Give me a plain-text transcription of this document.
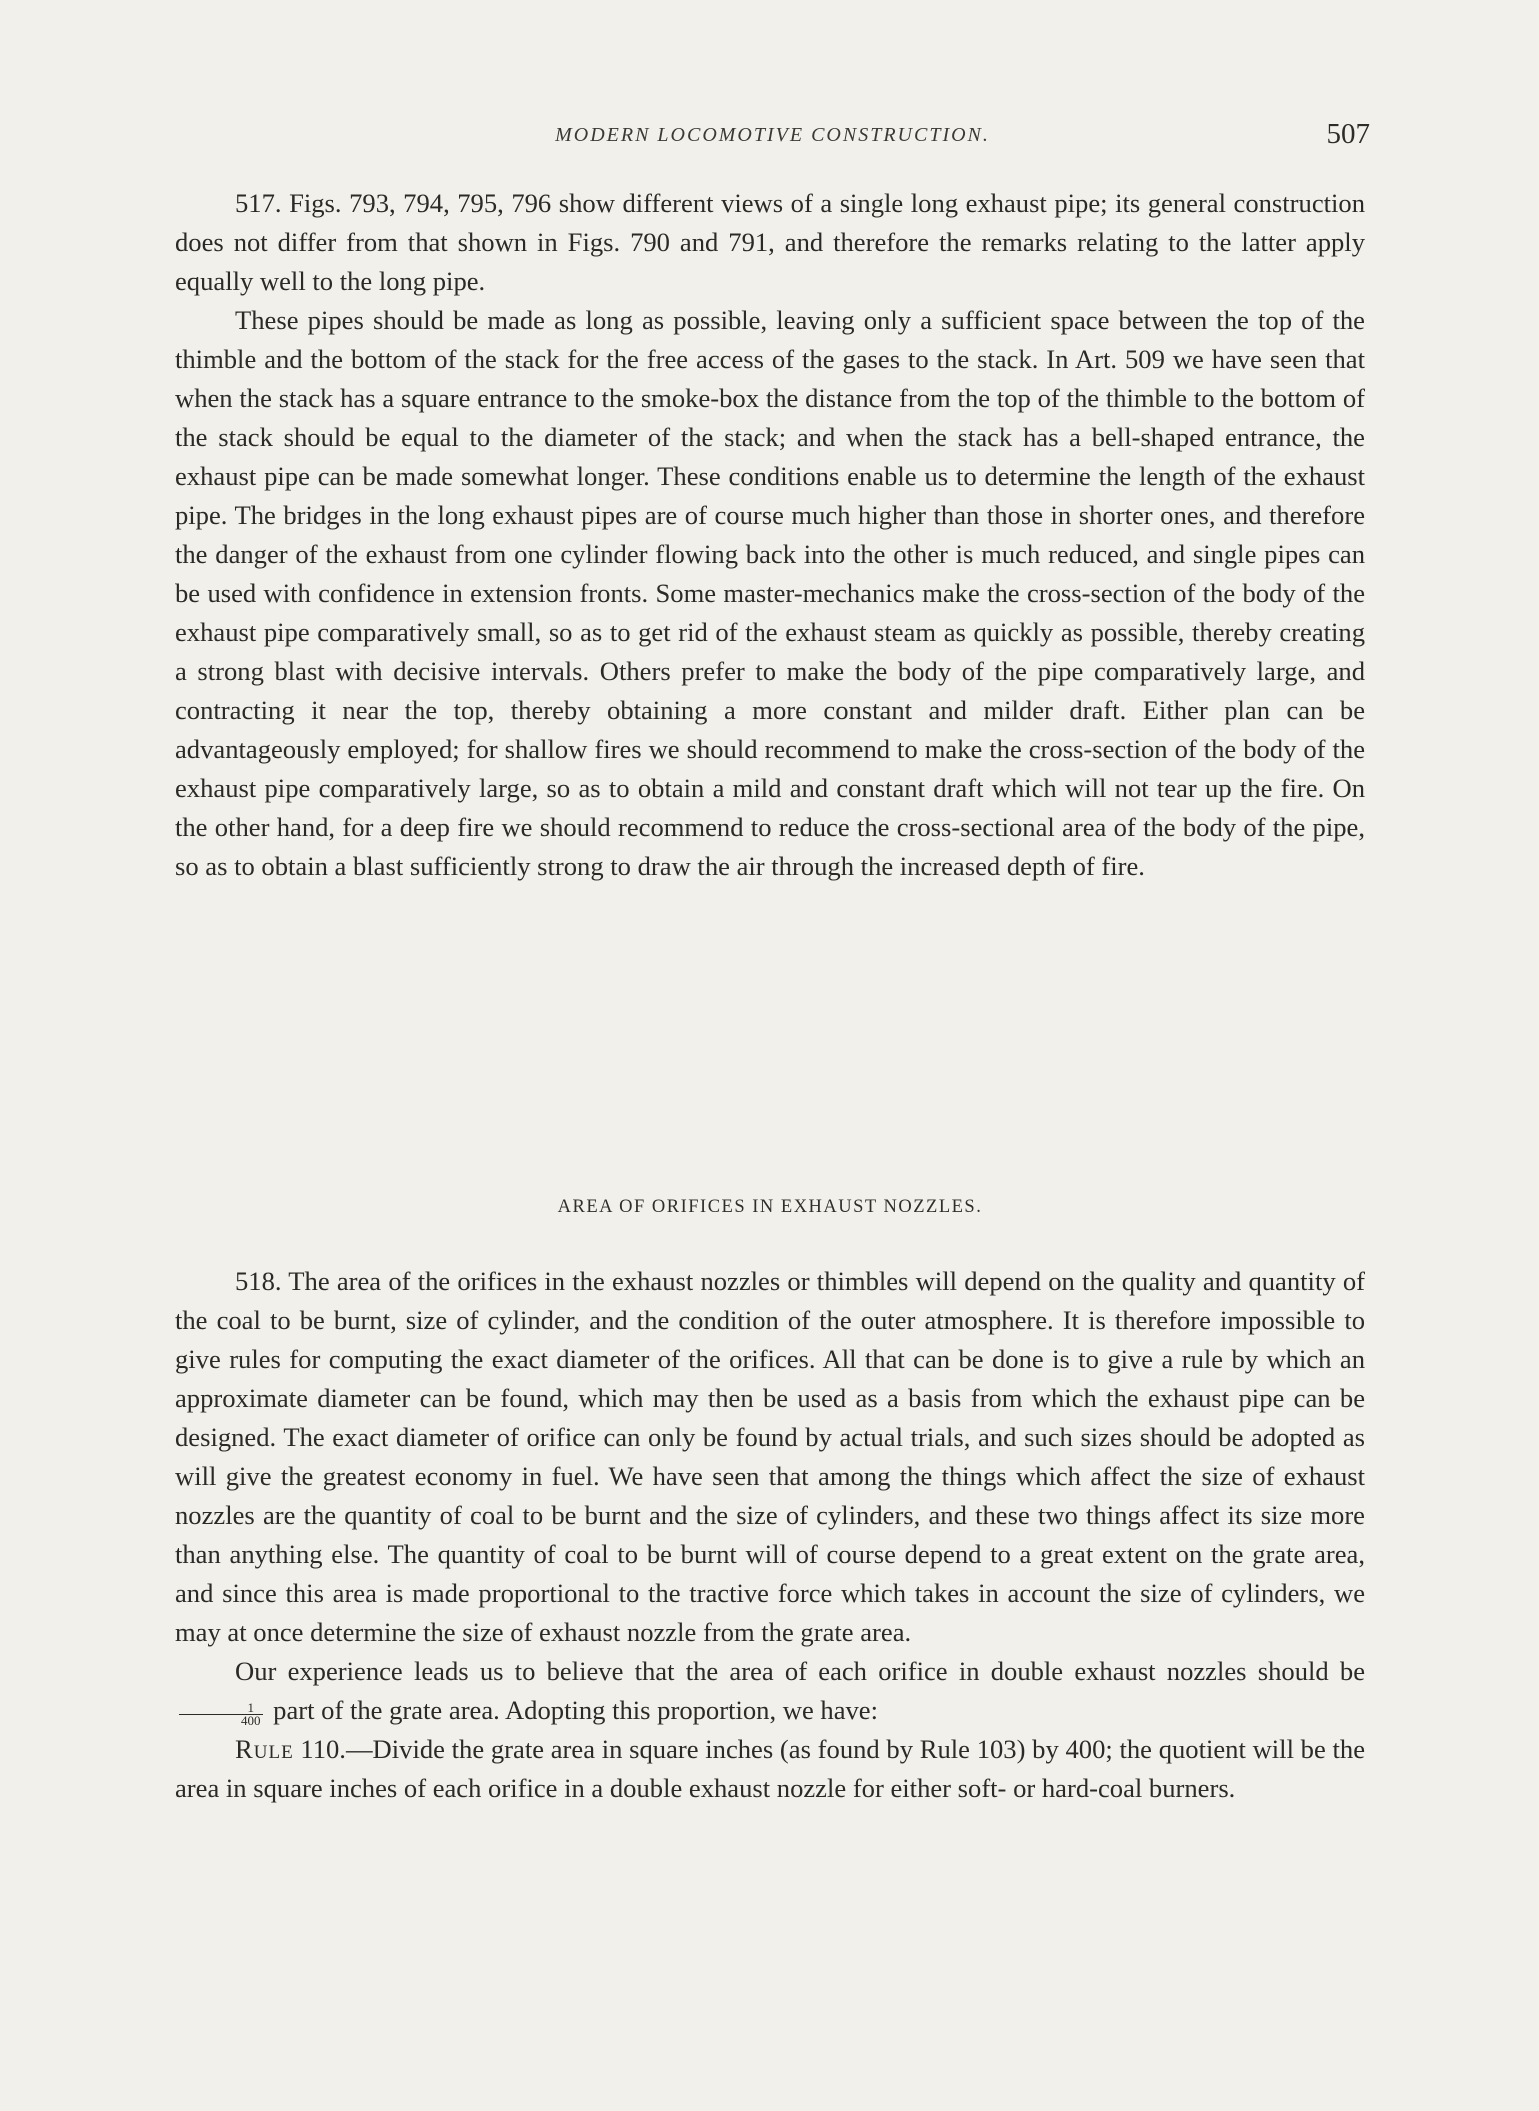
MODERN LOCOMOTIVE CONSTRUCTION.	507

517. Figs. 793, 794, 795, 796 show different views of a single long exhaust pipe; its general construction does not differ from that shown in Figs. 790 and 791, and therefore the remarks relating to the latter apply equally well to the long pipe.

These pipes should be made as long as possible, leaving only a sufficient space between the top of the thimble and the bottom of the stack for the free access of the gases to the stack. In Art. 509 we have seen that when the stack has a square entrance to the smoke-box the distance from the top of the thimble to the bottom of the stack should be equal to the diameter of the stack; and when the stack has a bell-shaped entrance, the exhaust pipe can be made somewhat longer. These conditions enable us to determine the length of the exhaust pipe. The bridges in the long exhaust pipes are of course much higher than those in shorter ones, and therefore the danger of the exhaust from one cylinder flowing back into the other is much reduced, and single pipes can be used with confidence in extension fronts. Some master-mechanics make the cross-section of the body of the exhaust pipe comparatively small, so as to get rid of the exhaust steam as quickly as possible, thereby creating a strong blast with decisive intervals. Others prefer to make the body of the pipe comparatively large, and contracting it near the top, thereby obtaining a more constant and milder draft. Either plan can be advantageously employed; for shallow fires we should recommend to make the cross-section of the body of the exhaust pipe comparatively large, so as to obtain a mild and constant draft which will not tear up the fire. On the other hand, for a deep fire we should recommend to reduce the cross-sectional area of the body of the pipe, so as to obtain a blast sufficiently strong to draw the air through the increased depth of fire.

AREA OF ORIFICES IN EXHAUST NOZZLES.

518. The area of the orifices in the exhaust nozzles or thimbles will depend on the quality and quantity of the coal to be burnt, size of cylinder, and the condition of the outer atmosphere. It is therefore impossible to give rules for computing the exact diameter of the orifices. All that can be done is to give a rule by which an approximate diameter can be found, which may then be used as a basis from which the exhaust pipe can be designed. The exact diameter of orifice can only be found by actual trials, and such sizes should be adopted as will give the greatest economy in fuel. We have seen that among the things which affect the size of exhaust nozzles are the quantity of coal to be burnt and the size of cylinders, and these two things affect its size more than anything else. The quantity of coal to be burnt will of course depend to a great extent on the grate area, and since this area is made proportional to the tractive force which takes in account the size of cylinders, we may at once determine the size of exhaust nozzle from the grate area.

Our experience leads us to believe that the area of each orifice in double exhaust nozzles should be
$\frac{1}{400}$ part of the grate area. Adopting this proportion, we have:

Rule 110.—Divide the grate area in square inches (as found by Rule 103) by 400; the quotient will be the area in square inches of each orifice in a double exhaust nozzle for either soft- or hard-coal burners.
